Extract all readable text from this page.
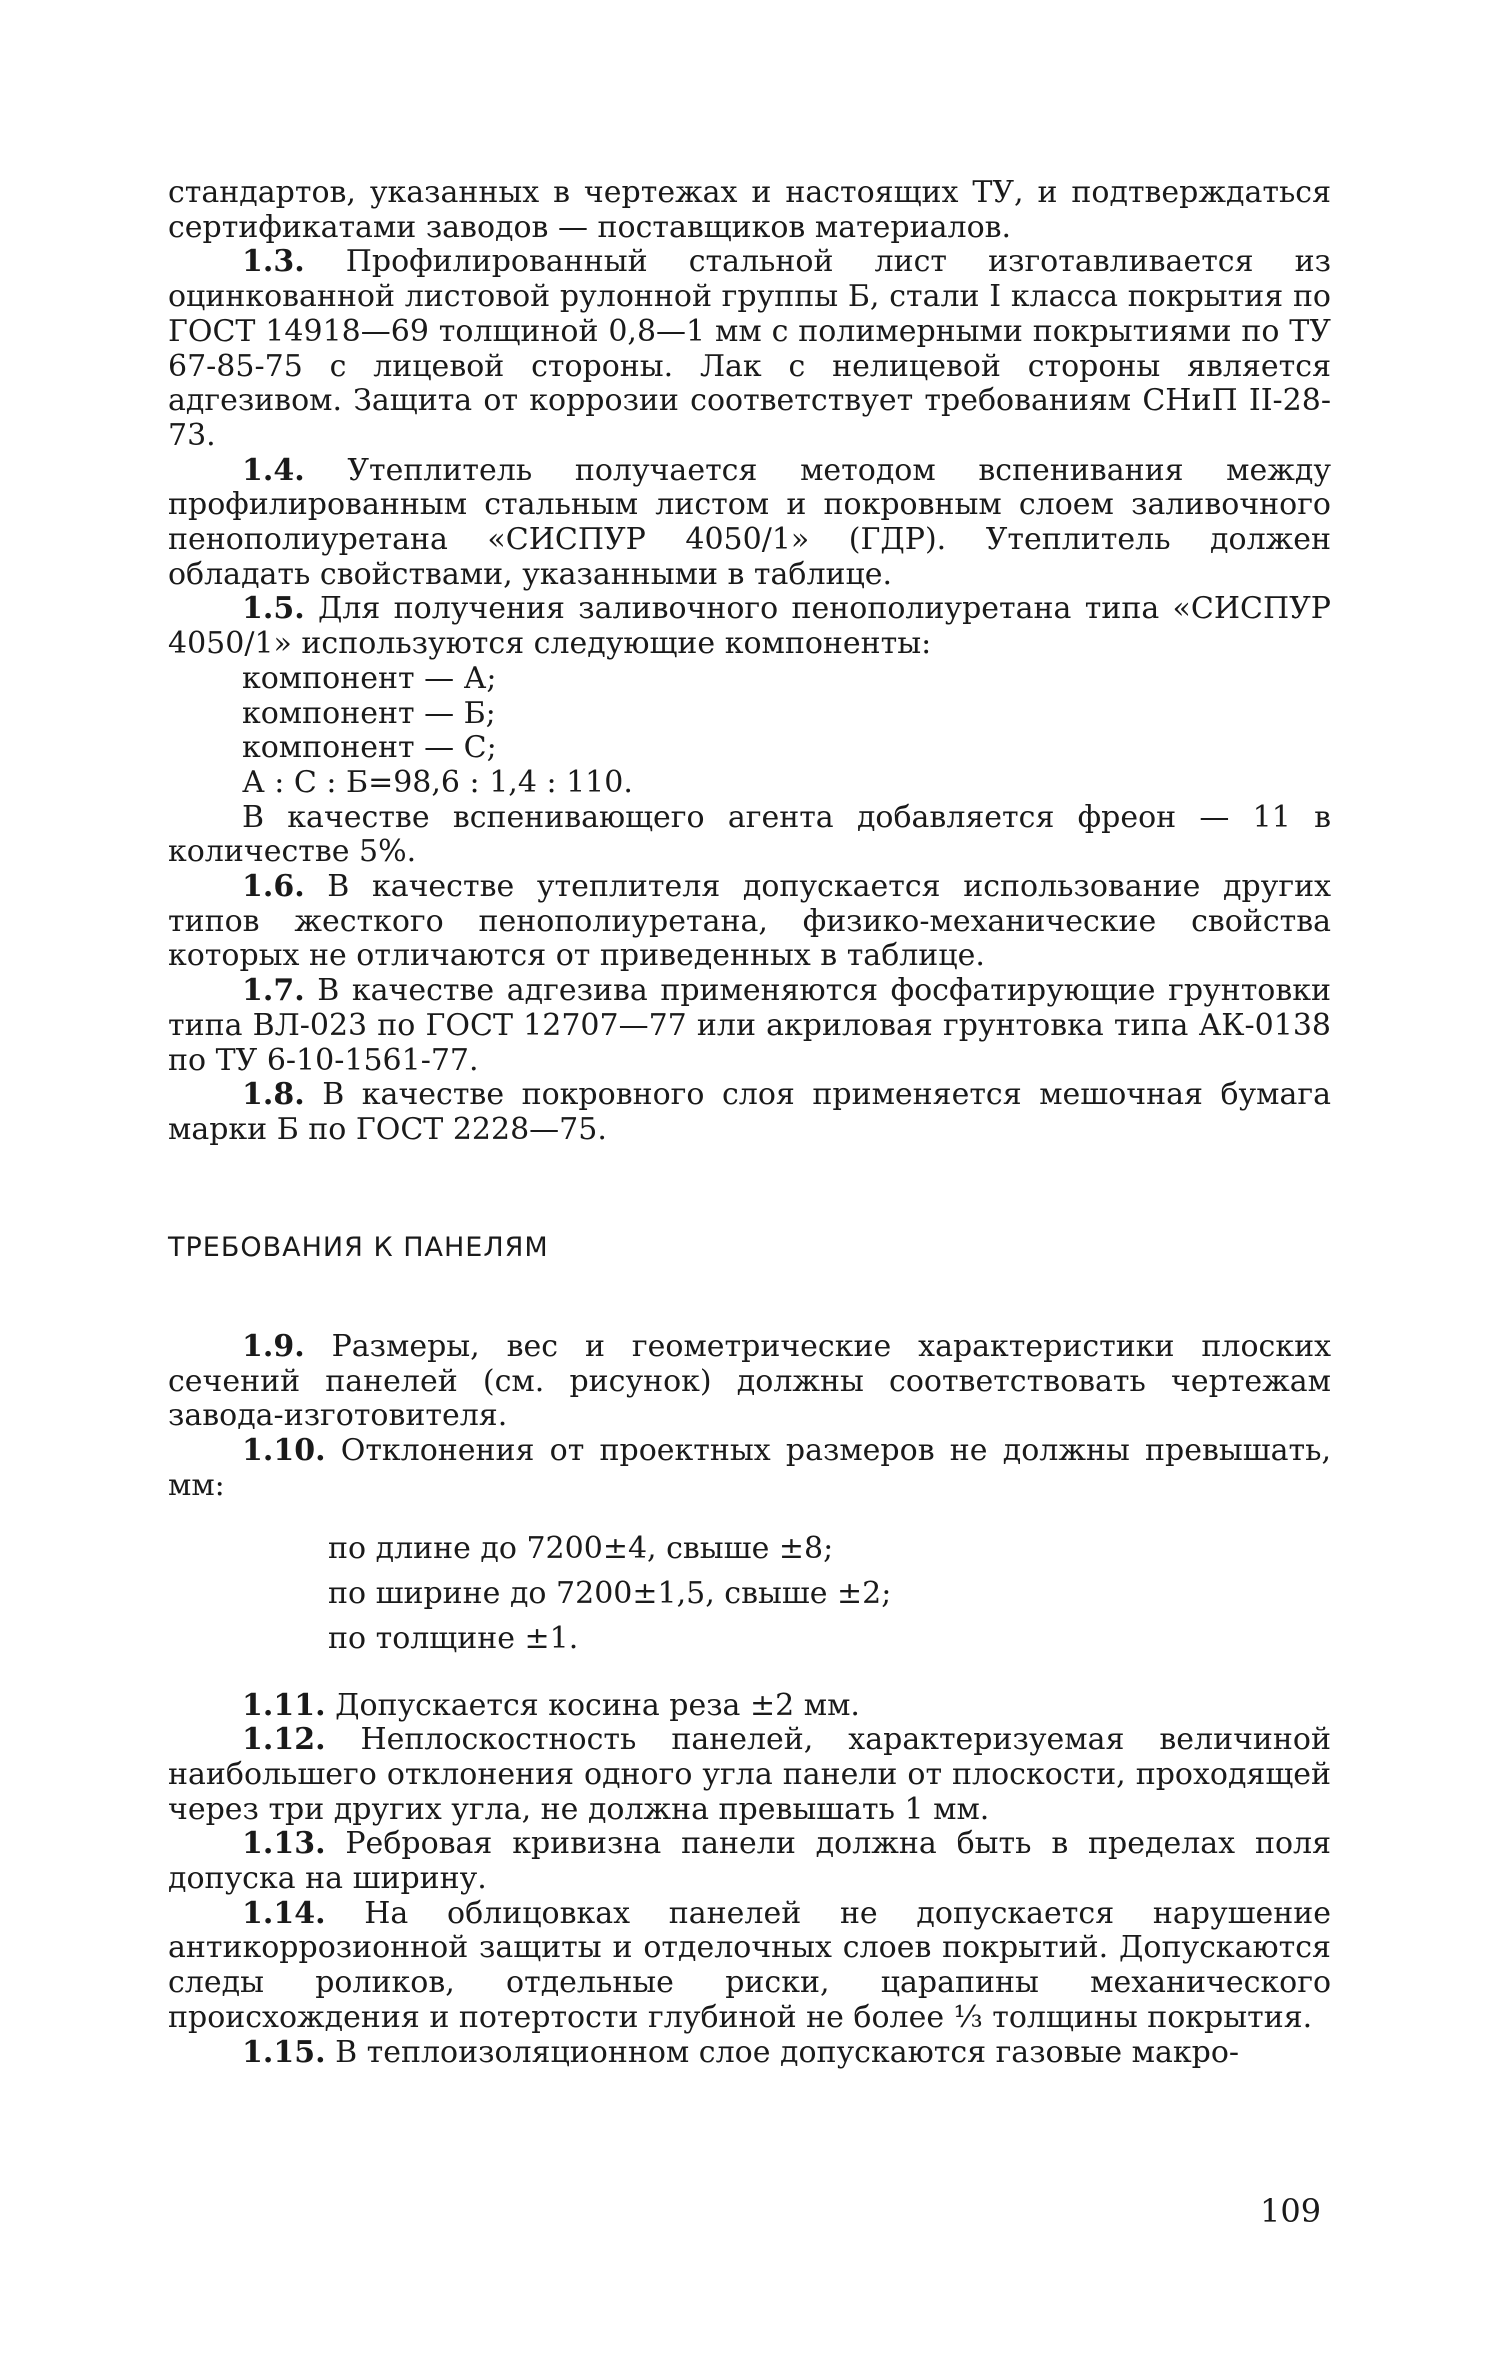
стандартов, указанных в чертежах и настоящих ТУ, и подтверждаться сертификатами заводов — поставщиков материалов.

1.3. Профилированный стальной лист изготавливается из оцинкованной листовой рулонной группы Б, стали I класса покрытия по ГОСТ 14918—69 толщиной 0,8—1 мм с полимерными покрытиями по ТУ 67-85-75 с лицевой стороны. Лак с нелицевой стороны является адгезивом. Защита от коррозии соответствует требованиям СНиП II-28-73.

1.4. Утеплитель получается методом вспенивания между профилированным стальным листом и покровным слоем заливочного пенополиуретана «СИСПУР 4050/1» (ГДР). Утеплитель должен обладать свойствами, указанными в таблице.

1.5. Для получения заливочного пенополиуретана типа «СИСПУР 4050/1» используются следующие компоненты:

компонент — А;
компонент — Б;
компонент — С;
А : С : Б=98,6 : 1,4 : 110.

В качестве вспенивающего агента добавляется фреон — 11 в количестве 5%.

1.6. В качестве утеплителя допускается использование других типов жесткого пенополиуретана, физико-механические свойства которых не отличаются от приведенных в таблице.

1.7. В качестве адгезива применяются фосфатирующие грунтовки типа ВЛ-023 по ГОСТ 12707—77 или акриловая грунтовка типа АК-0138 по ТУ 6-10-1561-77.

1.8. В качестве покровного слоя применяется мешочная бумага марки Б по ГОСТ 2228—75.

ТРЕБОВАНИЯ К ПАНЕЛЯМ

1.9. Размеры, вес и геометрические характеристики плоских сечений панелей (см. рисунок) должны соответствовать чертежам завода-изготовителя.

1.10. Отклонения от проектных размеров не должны превышать, мм:

по длине до 7200±4, свыше ±8;
по ширине до 7200±1,5, свыше ±2;
по толщине ±1.

1.11. Допускается косина реза ±2 мм.

1.12. Неплоскостность панелей, характеризуемая величиной наибольшего отклонения одного угла панели от плоскости, проходящей через три других угла, не должна превышать 1 мм.

1.13. Ребровая кривизна панели должна быть в пределах поля допуска на ширину.

1.14. На облицовках панелей не допускается нарушение антикоррозионной защиты и отделочных слоев покрытий. Допускаются следы роликов, отдельные риски, царапины механического происхождения и потертости глубиной не более ⅓ толщины покрытия.

1.15. В теплоизоляционном слое допускаются газовые макро-

109
